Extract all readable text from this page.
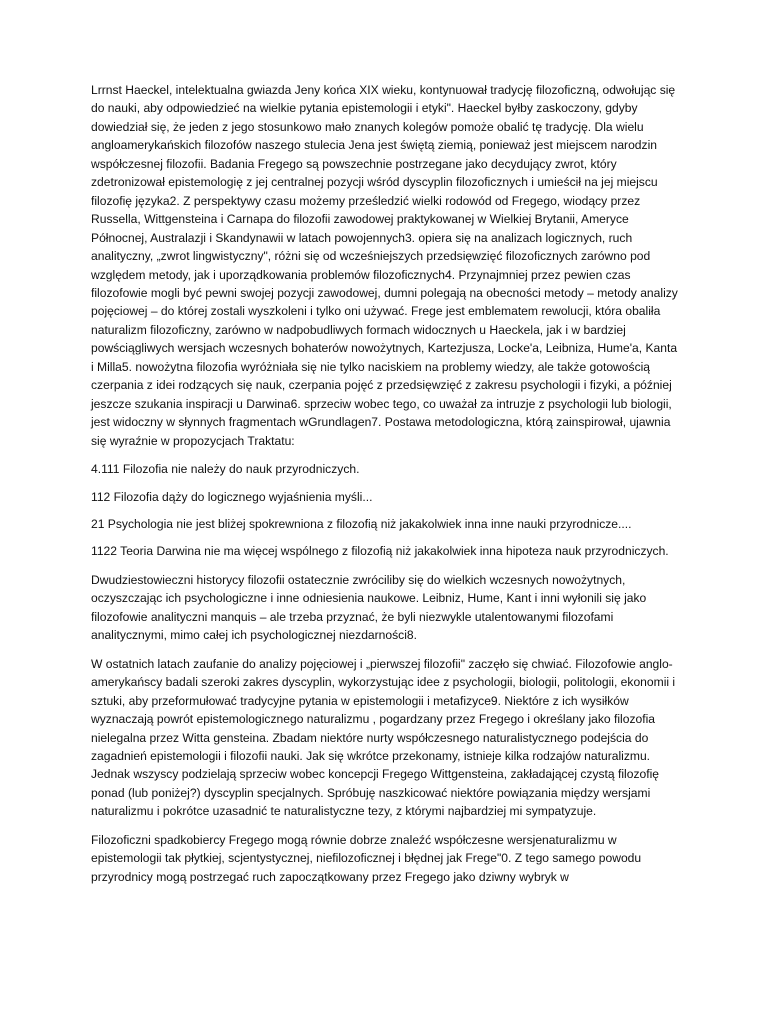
Lrrnst Haeckel, intelektualna gwiazda Jeny końca XIX wieku, kontynuował tradycję filozoficzną, odwołując się do nauki, aby odpowiedzieć na wielkie pytania epistemologii i etyki". Haeckel byłby zaskoczony, gdyby dowiedział się, że jeden z jego stosunkowo mało znanych kolegów pomoże obalić tę tradycję. Dla wielu angloamerykańskich filozofów naszego stulecia Jena jest świętą ziemią, ponieważ jest miejscem narodzin współczesnej filozofii. Badania Fregego są powszechnie postrzegane jako decydujący zwrot, który zdetronizował epistemologię z jej centralnej pozycji wśród dyscyplin filozoficznych i umieścił na jej miejscu filozofię języka2. Z perspektywy czasu możemy prześledzić wielki rodowód od Fregego, wiodący przez Russella, Wittgensteina i Carnapa do filozofii zawodowej praktykowanej w Wielkiej Brytanii, Ameryce Północnej, Australazji i Skandynawii w latach powojennych3. opiera się na analizach logicznych, ruch analityczny, „zwrot lingwistyczny", różni się od wcześniejszych przedsięwzięć filozoficznych zarówno pod względem metody, jak i uporządkowania problemów filozoficznych4. Przynajmniej przez pewien czas filozofowie mogli być pewni swojej pozycji zawodowej, dumni polegają na obecności metody – metody analizy pojęciowej – do której zostali wyszkoleni i tylko oni używać. Frege jest emblematem rewolucji, która obaliła naturalizm filozoficzny, zarówno w nadpobudliwych formach widocznych u Haeckela, jak i w bardziej powściągliwych wersjach wczesnych bohaterów nowożytnych, Kartezjusza, Locke'a, Leibniza, Hume'a, Kanta i Milla5. nowożytna filozofia wyróżniała się nie tylko naciskiem na problemy wiedzy, ale także gotowością czerpania z idei rodzących się nauk, czerpania pojęć z przedsięwzięć z zakresu psychologii i fizyki, a później jeszcze szukania inspiracji u Darwina6. sprzeciw wobec tego, co uważał za intruzje z psychologii lub biologii, jest widoczny w słynnych fragmentach wGrundlagen7. Postawa metodologiczna, którą zainspirował, ujawnia się wyraźnie w propozycjach Traktatu:

4.111 Filozofia nie należy do nauk przyrodniczych.

112 Filozofia dąży do logicznego wyjaśnienia myśli...

21 Psychologia nie jest bliżej spokrewniona z filozofią niż jakakolwiek inna inne nauki przyrodnicze....

1122 Teoria Darwina nie ma więcej wspólnego z filozofią niż jakakolwiek inna hipoteza nauk przyrodniczych.

Dwudziestowieczni historycy filozofii ostatecznie zwróciliby się do wielkich wczesnych nowożytnych, oczyszczając ich psychologiczne i inne odniesienia naukowe. Leibniz, Hume, Kant i inni wyłonili się jako filozofowie analityczni manquis – ale trzeba przyznać, że byli niezwykle utalentowanymi filozofami analitycznymi, mimo całej ich psychologicznej niezdarności8.

W ostatnich latach zaufanie do analizy pojęciowej i „pierwszej filozofii" zaczęło się chwiać. Filozofowie anglo-amerykańscy badali szeroki zakres dyscyplin, wykorzystując idee z psychologii, biologii, politologii, ekonomii i sztuki, aby przeformułować tradycyjne pytania w epistemologii i metafizyce9. Niektóre z ich wysiłków wyznaczają powrót epistemologicznego naturalizmu , pogardzany przez Fregego i określany jako filozofia nielegalna przez Witta gensteina. Zbadam niektóre nurty współczesnego naturalistycznego podejścia do zagadnień epistemologii i filozofii nauki. Jak się wkrótce przekonamy, istnieje kilka rodzajów naturalizmu. Jednak wszyscy podzielają sprzeciw wobec koncepcji Fregego Wittgensteina, zakładającej czystą filozofię ponad (lub poniżej?) dyscyplin specjalnych. Spróbuję naszkicować niektóre powiązania między wersjami naturalizmu i pokrótce uzasadnić te naturalistyczne tezy, z którymi najbardziej mi sympatyzuje.

Filozoficzni spadkobiercy Fregego mogą równie dobrze znaleźć współczesne wersjenaturalizmu w epistemologii tak płytkiej, scjentystycznej, niefilozoficznej i błędnej jak Frege"0. Z tego samego powodu przyrodnicy mogą postrzegać ruch zapoczątkowany przez Fregego jako dziwny wybryk w
